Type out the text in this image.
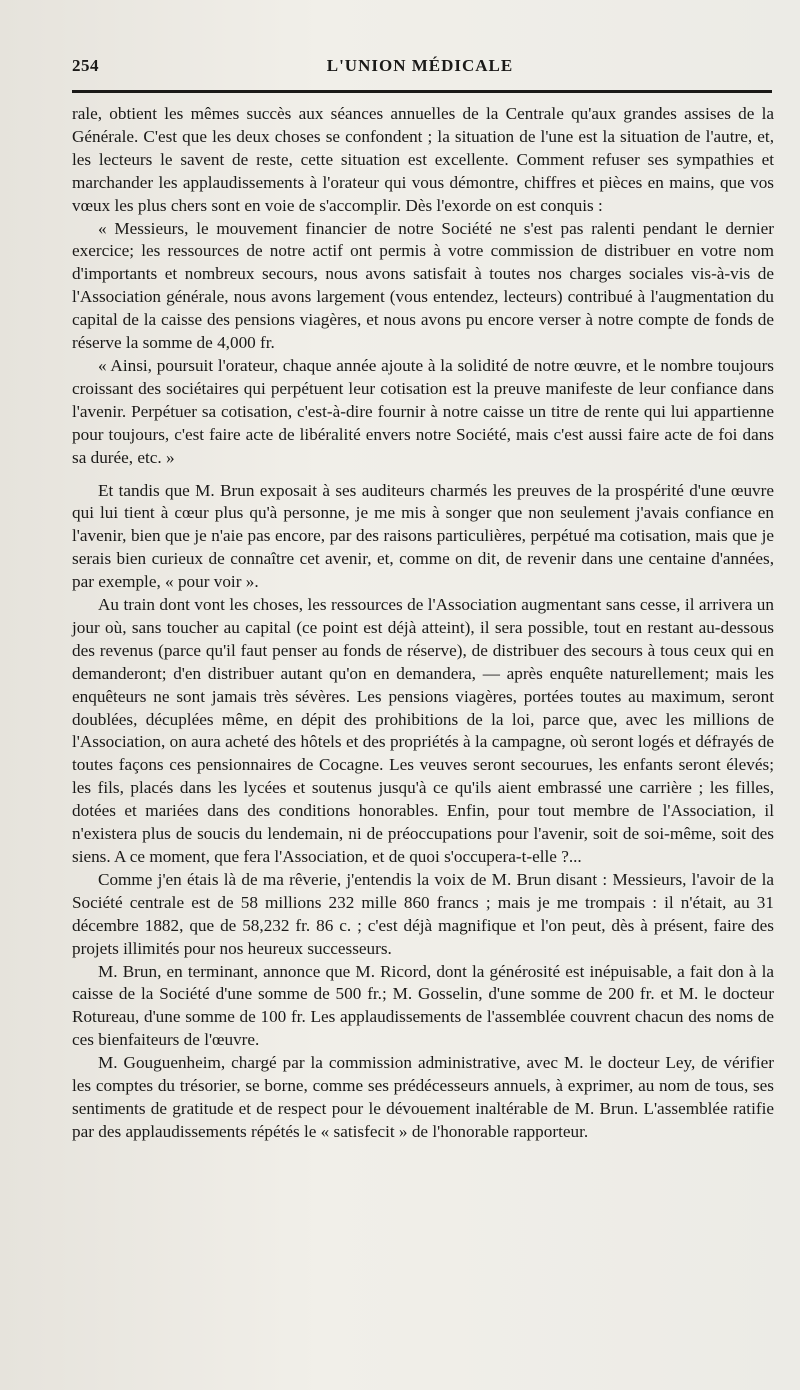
254	L'UNION MÉDICALE

rale, obtient les mêmes succès aux séances annuelles de la Centrale qu'aux grandes assises de la Générale. C'est que les deux choses se confondent ; la situation de l'une est la situation de l'autre, et, les lecteurs le savent de reste, cette situation est excellente. Comment refuser ses sympathies et marchander les applaudissements à l'orateur qui vous démontre, chiffres et pièces en mains, que vos vœux les plus chers sont en voie de s'accomplir. Dès l'exorde on est conquis :

« Messieurs, le mouvement financier de notre Société ne s'est pas ralenti pendant le dernier exercice; les ressources de notre actif ont permis à votre commission de distribuer en votre nom d'importants et nombreux secours, nous avons satisfait à toutes nos charges sociales vis-à-vis de l'Association générale, nous avons largement (vous entendez, lecteurs) contribué à l'augmentation du capital de la caisse des pensions viagères, et nous avons pu encore verser à notre compte de fonds de réserve la somme de 4,000 fr.

« Ainsi, poursuit l'orateur, chaque année ajoute à la solidité de notre œuvre, et le nombre toujours croissant des sociétaires qui perpétuent leur cotisation est la preuve manifeste de leur confiance dans l'avenir. Perpétuer sa cotisation, c'est-à-dire fournir à notre caisse un titre de rente qui lui appartienne pour toujours, c'est faire acte de libéralité envers notre Société, mais c'est aussi faire acte de foi dans sa durée, etc. »

Et tandis que M. Brun exposait à ses auditeurs charmés les preuves de la prospérité d'une œuvre qui lui tient à cœur plus qu'à personne, je me mis à songer que non seulement j'avais confiance en l'avenir, bien que je n'aie pas encore, par des raisons particulières, perpétué ma cotisation, mais que je serais bien curieux de connaître cet avenir, et, comme on dit, de revenir dans une centaine d'années, par exemple, « pour voir ».

Au train dont vont les choses, les ressources de l'Association augmentant sans cesse, il arrivera un jour où, sans toucher au capital (ce point est déjà atteint), il sera possible, tout en restant au-dessous des revenus (parce qu'il faut penser au fonds de réserve), de distribuer des secours à tous ceux qui en demanderont; d'en distribuer autant qu'on en demandera, — après enquête naturellement; mais les enquêteurs ne sont jamais très sévères. Les pensions viagères, portées toutes au maximum, seront doublées, décuplées même, en dépit des prohibitions de la loi, parce que, avec les millions de l'Association, on aura acheté des hôtels et des propriétés à la campagne, où seront logés et défrayés de toutes façons ces pensionnaires de Cocagne. Les veuves seront secourues, les enfants seront élevés; les fils, placés dans les lycées et soutenus jusqu'à ce qu'ils aient embrassé une carrière ; les filles, dotées et mariées dans des conditions honorables. Enfin, pour tout membre de l'Association, il n'existera plus de soucis du lendemain, ni de préoccupations pour l'avenir, soit de soi-même, soit des siens. A ce moment, que fera l'Association, et de quoi s'occupera-t-elle ?...

Comme j'en étais là de ma rêverie, j'entendis la voix de M. Brun disant : Messieurs, l'avoir de la Société centrale est de 58 millions 232 mille 860 francs ; mais je me trompais : il n'était, au 31 décembre 1882, que de 58,232 fr. 86 c. ; c'est déjà magnifique et l'on peut, dès à présent, faire des projets illimités pour nos heureux successeurs.

M. Brun, en terminant, annonce que M. Ricord, dont la générosité est inépuisable, a fait don à la caisse de la Société d'une somme de 500 fr.; M. Gosselin, d'une somme de 200 fr. et M. le docteur Rotureau, d'une somme de 100 fr. Les applaudissements de l'assemblée couvrent chacun des noms de ces bienfaiteurs de l'œuvre.

M. Gouguenheim, chargé par la commission administrative, avec M. le docteur Ley, de vérifier les comptes du trésorier, se borne, comme ses prédécesseurs annuels, à exprimer, au nom de tous, ses sentiments de gratitude et de respect pour le dévouement inaltérable de M. Brun. L'assemblée ratifie par des applaudissements répétés le « satisfecit » de l'honorable rapporteur.
